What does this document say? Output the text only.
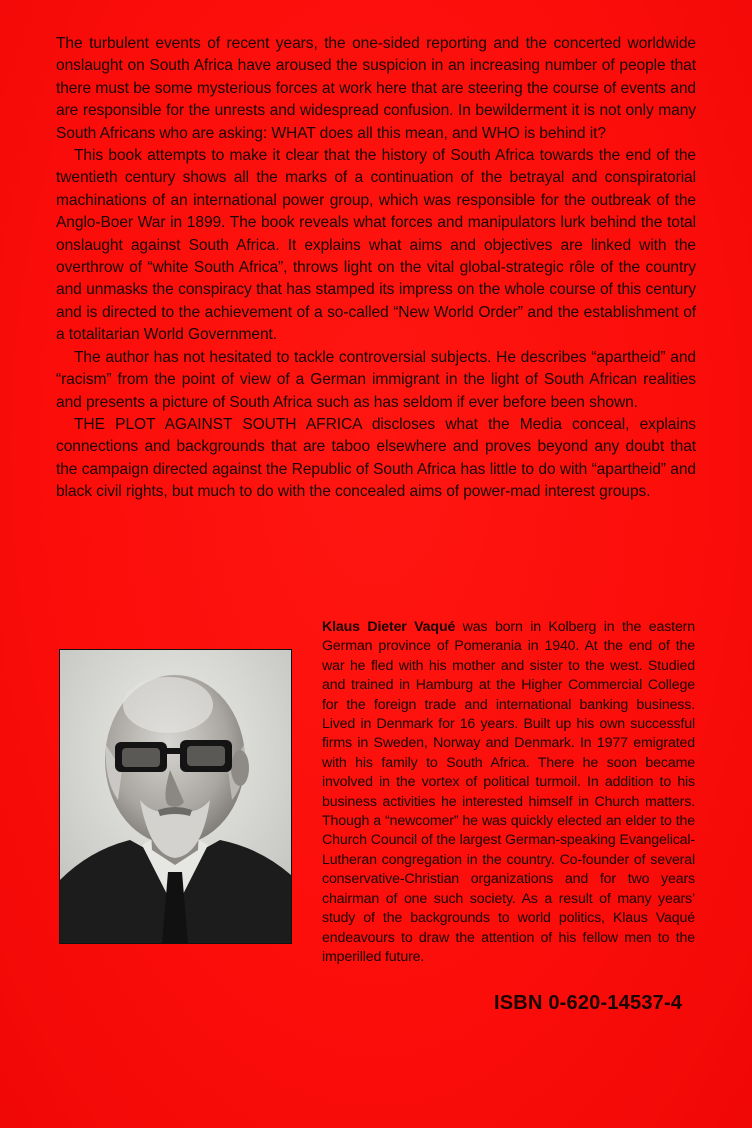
The turbulent events of recent years, the one-sided reporting and the concerted worldwide onslaught on South Africa have aroused the suspicion in an increasing number of people that there must be some mysterious forces at work here that are steering the course of events and are responsible for the unrests and widespread confusion. In bewilderment it is not only many South Africans who are asking: WHAT does all this mean, and WHO is behind it?

This book attempts to make it clear that the history of South Africa towards the end of the twentieth century shows all the marks of a continuation of the betrayal and conspiratorial machinations of an international power group, which was responsible for the outbreak of the Anglo-Boer War in 1899. The book reveals what forces and manipulators lurk behind the total onslaught against South Africa. It explains what aims and objectives are linked with the overthrow of “white South Africa”, throws light on the vital global-strategic rôle of the country and unmasks the conspiracy that has stamped its impress on the whole course of this century and is directed to the achievement of a so-called “New World Order” and the establishment of a totalitarian World Government.

The author has not hesitated to tackle controversial subjects. He describes “apartheid” and “racism” from the point of view of a German immigrant in the light of South African realities and presents a picture of South Africa such as has seldom if ever before been shown.

THE PLOT AGAINST SOUTH AFRICA discloses what the Media conceal, explains connections and backgrounds that are taboo elsewhere and proves beyond any doubt that the campaign directed against the Republic of South Africa has little to do with “apartheid” and black civil rights, but much to do with the concealed aims of power-mad interest groups.

Klaus Dieter Vaqué was born in Kolberg in the eastern German province of Pomerania in 1940. At the end of the war he fled with his mother and sister to the west. Studied and trained in Hamburg at the Higher Commercial College for the foreign trade and international banking business. Lived in Denmark for 16 years. Built up his own successful firms in Sweden, Norway and Denmark. In 1977 emigrated with his family to South Africa. There he soon became involved in the vortex of political turmoil. In addition to his business activities he interested himself in Church matters. Though a “newcomer” he was quickly elected an elder to the Church Council of the largest German-speaking Evangelical-Lutheran congregation in the country. Co-founder of several conservative-Christian organizations and for two years chairman of one such society. As a result of many years’ study of the backgrounds to world politics, Klaus Vaqué endeavours to draw the attention of his fellow men to the imperilled future.
ISBN 0-620-14537-4
